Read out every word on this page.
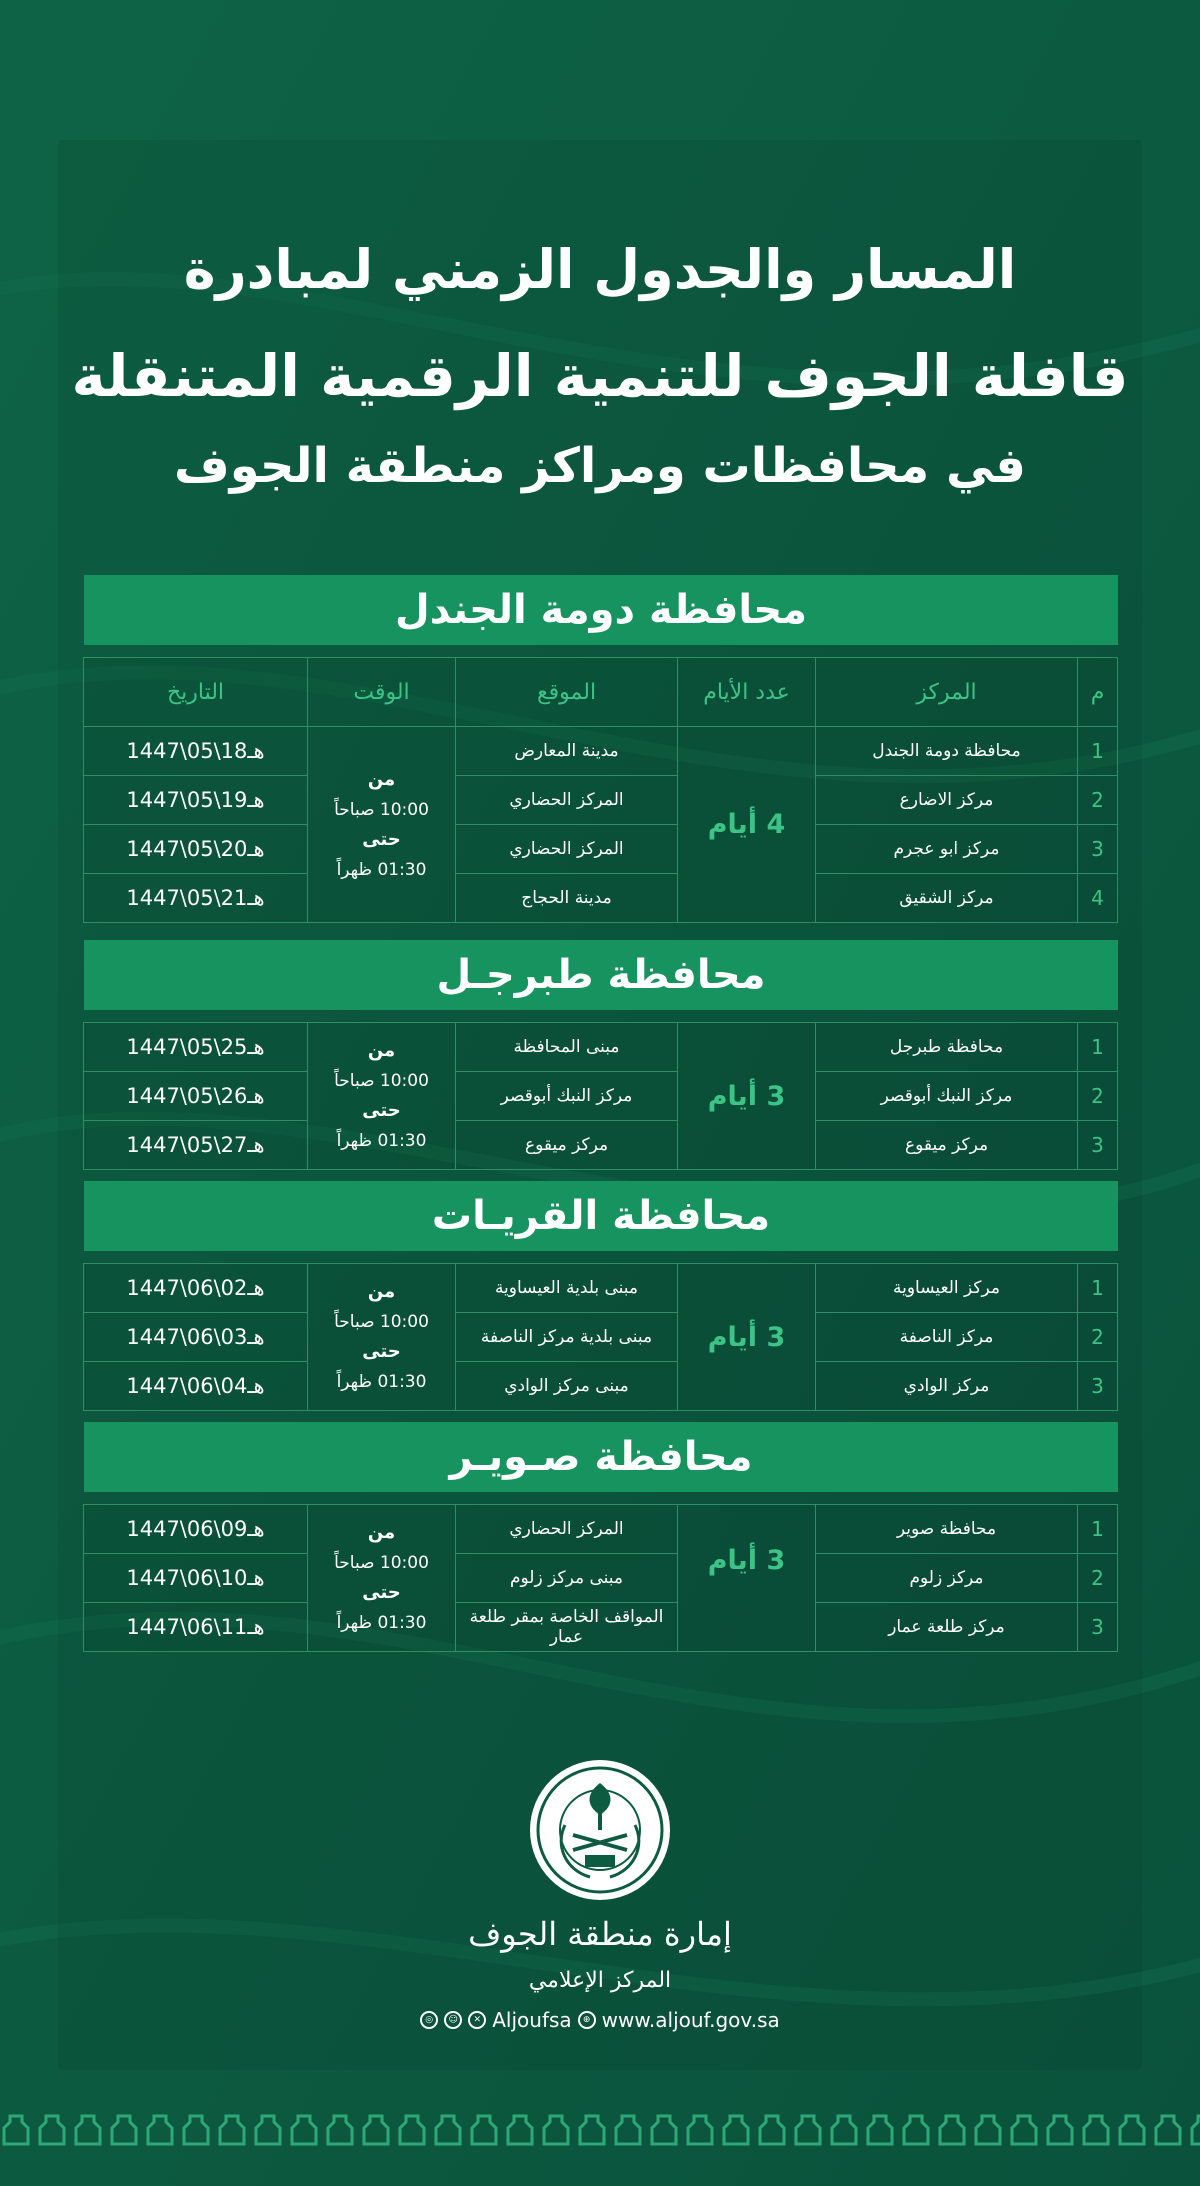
المسار والجدول الزمني لمبادرة
قافلة الجوف للتنمية الرقمية المتنقلة
في محافظات ومراكز منطقة الجوف
محافظة دومة الجندل
م	المركز	عدد الأيام	الموقع	الوقت	التاريخ
1	محافظة دومة الجندل	4 أيام	مدينة المعارض	من
10:00 صباحاً
حتى
01:30 ظهراً	1447\05\18هـ
2	مركز الاضارع		المركز الحضاري		1447\05\19هـ
3	مركز ابو عجرم		المركز الحضاري		1447\05\20هـ
4	مركز الشقيق		مدينة الحجاج		1447\05\21هـ
محافظة طبرجـل
1	محافظة طبرجل	3 أيام	مبنى المحافظة	من
10:00 صباحاً
حتى
01:30 ظهراً	1447\05\25هـ
2	مركز النبك أبوقصر		مركز النبك أبوقصر		1447\05\26هـ
3	مركز ميقوع		مركز ميقوع		1447\05\27هـ
محافظة القريـات
1	مركز العيساوية	3 أيام	مبنى بلدية العيساوية	من
10:00 صباحاً
حتى
01:30 ظهراً	1447\06\02هـ
2	مركز الناصفة		مبنى بلدية مركز الناصفة		1447\06\03هـ
3	مركز الوادي		مبنى مركز الوادي		1447\06\04هـ
محافظة صـويـر
1	محافظة صوير	3 أيام	المركز الحضاري	من
10:00 صباحاً
حتى
01:30 ظهراً	1447\06\09هـ
2	مركز زلوم		مبنى مركز زلوم		1447\06\10هـ
3	مركز طلعة عمار		المواقف الخاصة بمقر طلعة عمار		1447\06\11هـ
إمارة منطقة الجوف
المركز الإعلامي
◎	☺	✕ Aljoufsa	⊕ www.aljouf.gov.sa
